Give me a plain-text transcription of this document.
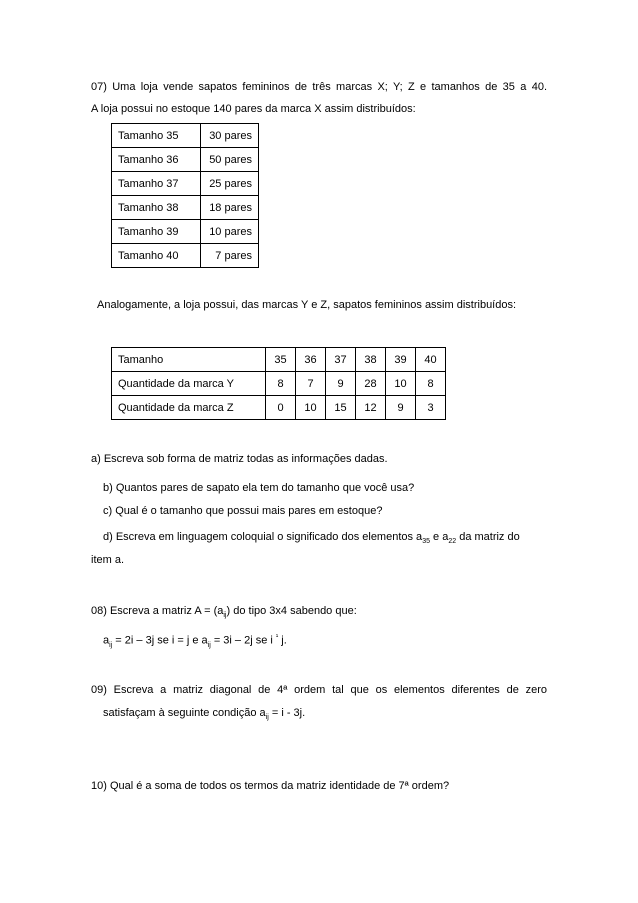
07) Uma loja vende sapatos femininos de três marcas X; Y; Z e tamanhos de 35 a 40.
A loja possui no estoque 140 pares da marca X assim distribuídos:
Tamanho 35	30 pares
Tamanho 36	50 pares
Tamanho 37	25 pares
Tamanho 38	18 pares
Tamanho 39	10 pares
Tamanho 40	7 pares
Analogamente, a loja possui, das marcas Y e Z, sapatos femininos assim distribuídos:
Tamanho	35	36	37	38	39	40
Quantidade da marca Y	8	7	9	28	10	8
Quantidade da marca Z	0	10	15	12	9	3
a) Escreva sob forma de matriz todas as informações dadas.
b) Quantos pares de sapato ela tem do tamanho que você usa?
c) Qual é o tamanho que possui mais pares em estoque?
d) Escreva em linguagem coloquial o significado dos elementos $a_{35}$ e $a_{22}$ da matriz do
item a.
08) Escreva a matriz $A = (a_{ij})$ do tipo 3x4 sabendo que:
$a_{ij} = 2i - 3j$ se i = j e $a_{ij} = 3i - 2j$ se i $^{^1}$ j.
09) Escreva a matriz diagonal de 4ª ordem tal que os elementos diferentes de zero
satisfaçam à seguinte condição $a_{ij} = i - 3j$.
10) Qual é a soma de todos os termos da matriz identidade de 7ª ordem?
